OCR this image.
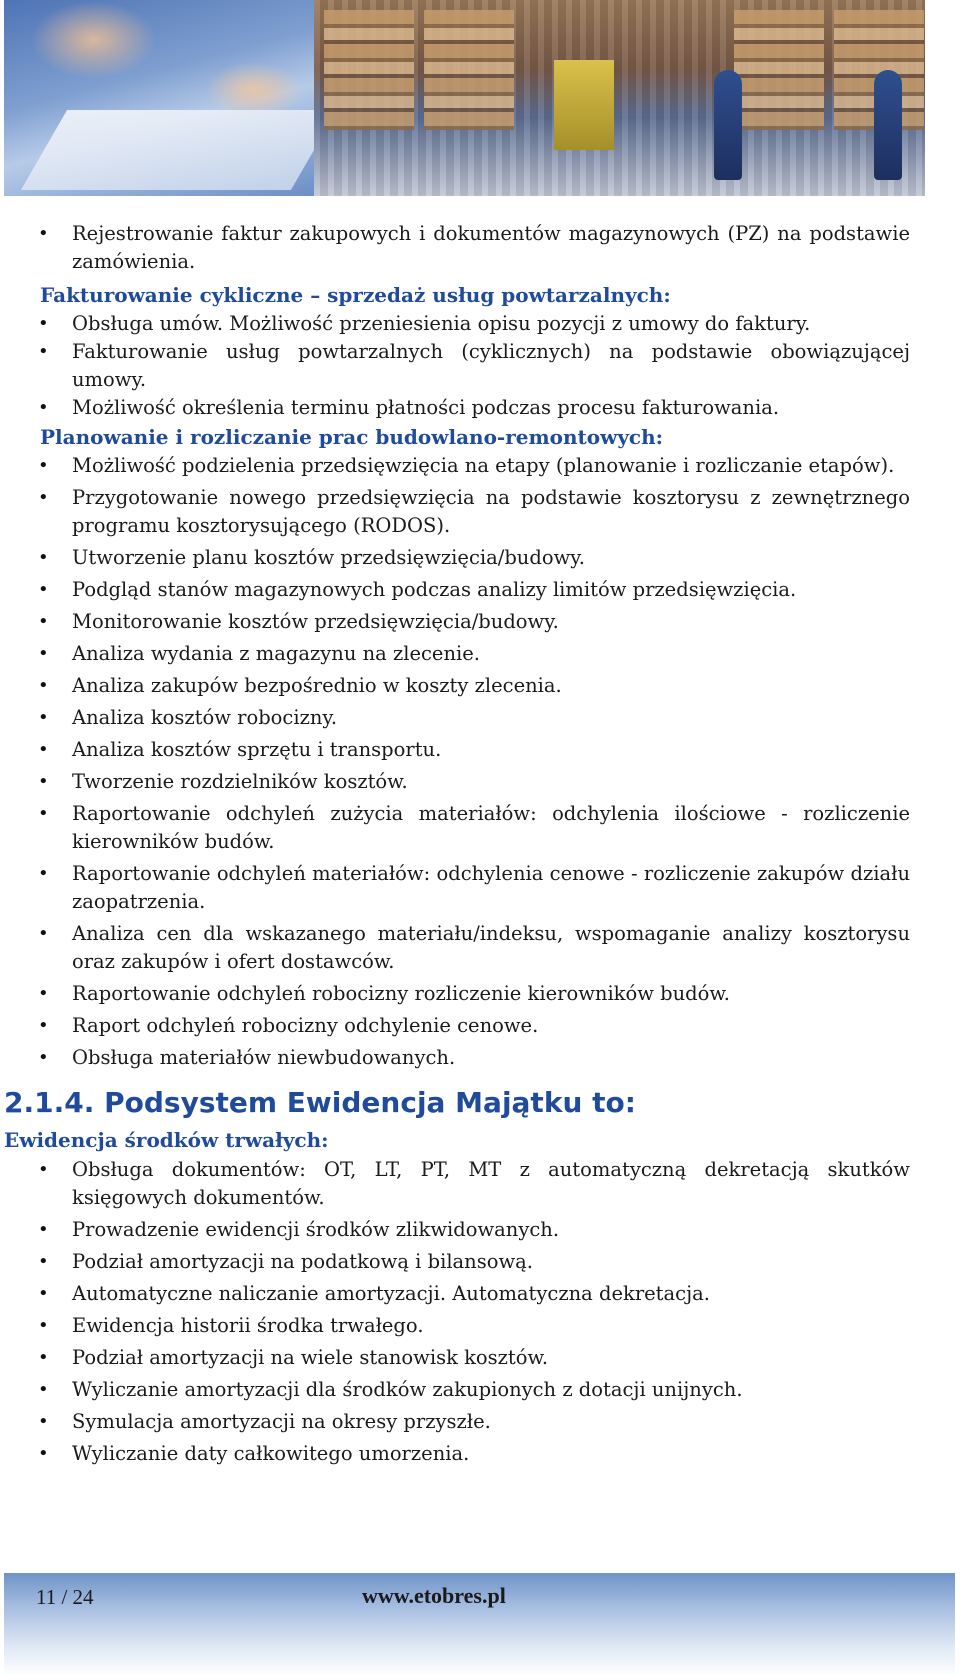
• Rejestrowanie faktur zakupowych i dokumentów magazynowych (PZ) na podstawie zamówienia.
Fakturowanie cykliczne – sprzedaż usług powtarzalnych:
• Obsługa umów. Możliwość przeniesienia opisu pozycji z umowy do faktury.
• Fakturowanie usług powtarzalnych (cyklicznych) na podstawie obowiązującej umowy.
• Możliwość określenia terminu płatności podczas procesu fakturowania.
Planowanie i rozliczanie prac budowlano-remontowych:
• Możliwość podzielenia przedsięwzięcia na etapy (planowanie i rozliczanie etapów).
• Przygotowanie nowego przedsięwzięcia na podstawie kosztorysu z zewnętrznego programu kosztorysującego (RODOS).
• Utworzenie planu kosztów przedsięwzięcia/budowy.
• Podgląd stanów magazynowych podczas analizy limitów przedsięwzięcia.
• Monitorowanie kosztów przedsięwzięcia/budowy.
• Analiza wydania z magazynu na zlecenie.
• Analiza zakupów bezpośrednio w koszty zlecenia.
• Analiza kosztów robocizny.
• Analiza kosztów sprzętu i transportu.
• Tworzenie rozdzielników kosztów.
• Raportowanie odchyleń zużycia materiałów: odchylenia ilościowe - rozliczenie kierowników budów.
• Raportowanie odchyleń materiałów: odchylenia cenowe - rozliczenie zakupów działu zaopatrzenia.
• Analiza cen dla wskazanego materiału/indeksu, wspomaganie analizy kosztorysu oraz zakupów i ofert dostawców.
• Raportowanie odchyleń robocizny rozliczenie kierowników budów.
• Raport odchyleń robocizny odchylenie cenowe.
• Obsługa materiałów niewbudowanych.
2.1.4. Podsystem Ewidencja Majątku to:
Ewidencja środków trwałych:
• Obsługa dokumentów: OT, LT, PT, MT z automatyczną dekretacją skutków księgowych dokumentów.
• Prowadzenie ewidencji środków zlikwidowanych.
• Podział amortyzacji na podatkową i bilansową.
• Automatyczne naliczanie amortyzacji. Automatyczna dekretacja.
• Ewidencja historii środka trwałego.
• Podział amortyzacji na wiele stanowisk kosztów.
• Wyliczanie amortyzacji dla środków zakupionych z dotacji unijnych.
• Symulacja amortyzacji na okresy przyszłe.
• Wyliczanie daty całkowitego umorzenia.
11 / 24	www.etobres.pl
